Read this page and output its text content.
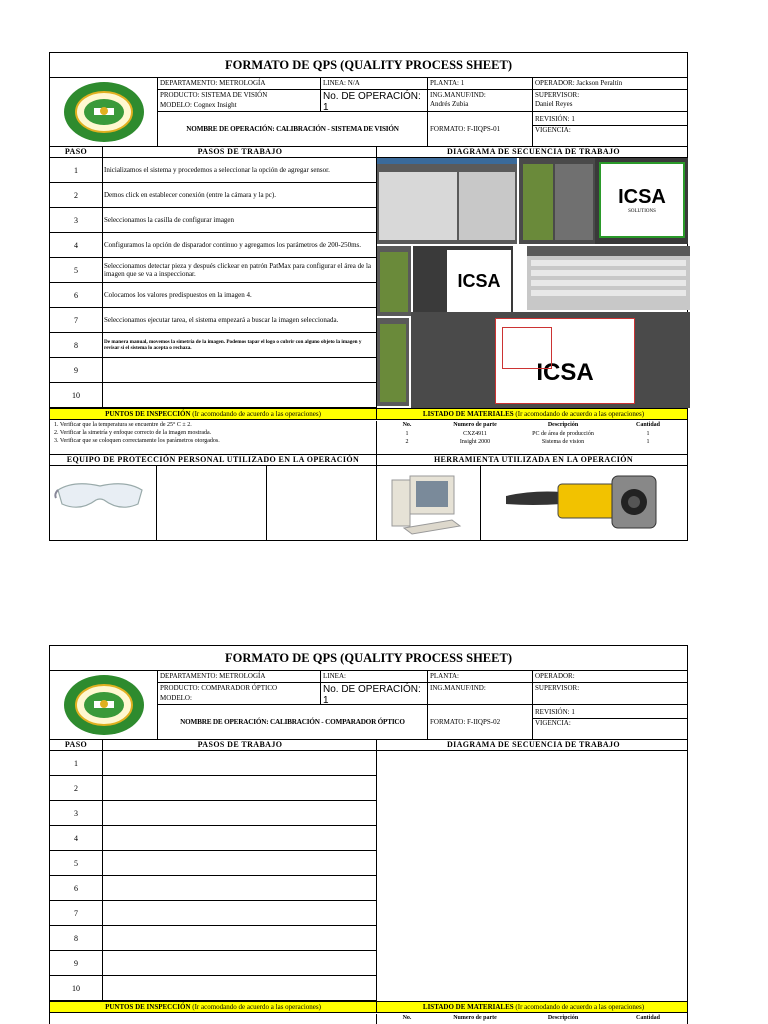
FORMATO DE QPS (QUALITY PROCESS SHEET)
DEPARTAMENTO: METROLOGÍA
PRODUCTO: SISTEMA DE VISIÓN
MODELO: Cognex Insight
LINEA: N/A
No. DE OPERACIÓN: 1
PLANTA: 1
ING.MANUF/IND:
Andrés Zubia
OPERADOR: Jackson Peraltín
SUPERVISOR:
Daniel Reyes
NOMBRE DE OPERACIÓN: CALIBRACIÓN - SISTEMA DE VISIÓN	FORMATO: F-IIQPS-01
REVISIÓN: 1
VIGENCIA:
PASO	PASOS DE TRABAJO	DIAGRAMA DE SECUENCIA DE TRABAJO
1	Inicializamos el sistema y procedemos a seleccionar la opción de agregar sensor.
2	Demos click en establecer conexión (entre la cámara y la pc).
3	Seleccionamos la casilla de configurar imagen
4	Configuramos la opción de disparador continuo y agregamos los parámetros de 200-250ms.
5	Seleccionamos detectar pieza y después clickear en patrón PatMax para configurar el área de la imagen que se va a inspeccionar.
6	Colocamos los valores predispuestos en la imagen 4.
7	Seleccionamos ejecutar tarea, el sistema empezará a buscar la imagen seleccionada.
8	De manera manual, movemos la simetría de la imagen. Podemos tapar el logo o cubrir con alguno objeto la imagen y revisar si el sistema lo acepta o rechaza.
9
10
ICSA
SOLUTIONS
ICSA
ICSA
PUNTOS DE INSPECCIÓN (Ir acomodando de acuerdo a las operaciones)	LISTADO DE MATERIALES (Ir acomodando de acuerdo a las operaciones)
1. Verificar que la temperatura se encuentre de 25° C ± 2.
2. Verificar la simetría y enfoque correcto de la imagen mostrada.
3. Verificar que se coloquen correctamente los parámetros otorgados.
No.	Numero de parte	Descripción	Cantidad
1	CXZ4911	PC de área de producción	1
2	Insight 2000	Sistema de vision	1
EQUIPO DE PROTECCIÓN PERSONAL UTILIZADO EN LA OPERACIÓN	HERRAMIENTA UTILIZADA EN LA OPERACIÓN
FORMATO DE QPS (QUALITY PROCESS SHEET)
DEPARTAMENTO: METROLOGÍA
PRODUCTO: COMPARADOR ÓPTICO
MODELO:
LINEA:
No. DE OPERACIÓN: 1
PLANTA:
ING.MANUF/IND:
OPERADOR:
SUPERVISOR:
NOMBRE DE OPERACIÓN: CALIBRACIÓN - COMPARADOR ÓPTICO	FORMATO: F-IIQPS-02
REVISIÓN: 1
VIGENCIA:
PASO	PASOS DE TRABAJO	DIAGRAMA DE SECUENCIA DE TRABAJO
1
2
3
4
5
6
7
8
9
10
PUNTOS DE INSPECCIÓN (Ir acomodando de acuerdo a las operaciones)	LISTADO DE MATERIALES (Ir acomodando de acuerdo a las operaciones)
No.	Numero de parte	Descripción	Cantidad
